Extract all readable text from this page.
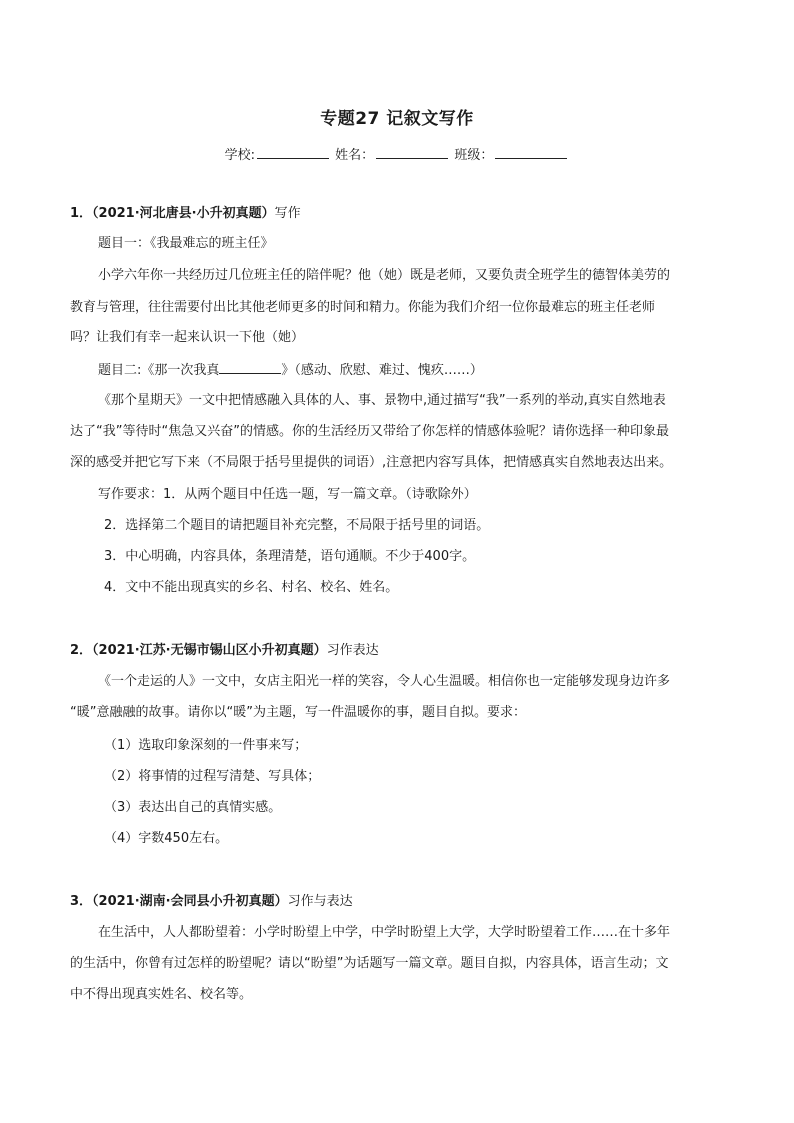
专题27 记叙文写作
学校:	姓名：	班级：
1．（2021·河北唐县·小升初真题）写作
题目一：《我最难忘的班主任》
小学六年你一共经历过几位班主任的陪伴呢？他（她）既是老师，又要负责全班学生的德智体美劳的
教育与管理，往往需要付出比其他老师更多的时间和精力。你能为我们介绍一位你最难忘的班主任老师
吗？让我们有幸一起来认识一下他（她）
题目二:《那一次我真	》（感动、欣慰、难过、愧疚……）
《那个星期天》一文中把情感融入具体的人、事、景物中,通过描写“我”一系列的举动,真实自然地表
达了“我”等待时“焦急又兴奋”的情感。你的生活经历又带给了你怎样的情感体验呢？请你选择一种印象最
深的感受并把它写下来（不局限于括号里提供的词语）,注意把内容写具体，把情感真实自然地表达出来。
写作要求：1．从两个题目中任选一题，写一篇文章。（诗歌除外）
2．选择第二个题目的请把题目补充完整，不局限于括号里的词语。
3．中心明确，内容具体，条理清楚，语句通顺。不少于400字。
4．文中不能出现真实的乡名、村名、校名、姓名。
2．（2021·江苏·无锡市锡山区小升初真题）习作表达
《一个走运的人》一文中，女店主阳光一样的笑容，令人心生温暖。相信你也一定能够发现身边许多
“暖”意融融的故事。请你以“暖”为主题，写一件温暖你的事，题目自拟。要求：
（1）选取印象深刻的一件事来写；
（2）将事情的过程写清楚、写具体；
（3）表达出自己的真情实感。
（4）字数450左右。
3．（2021·湖南·会同县小升初真题）习作与表达
在生活中，人人都盼望着：小学时盼望上中学，中学时盼望上大学，大学时盼望着工作……在十多年
的生活中，你曾有过怎样的盼望呢？请以“盼望”为话题写一篇文章。题目自拟，内容具体，语言生动；文
中不得出现真实姓名、校名等。
